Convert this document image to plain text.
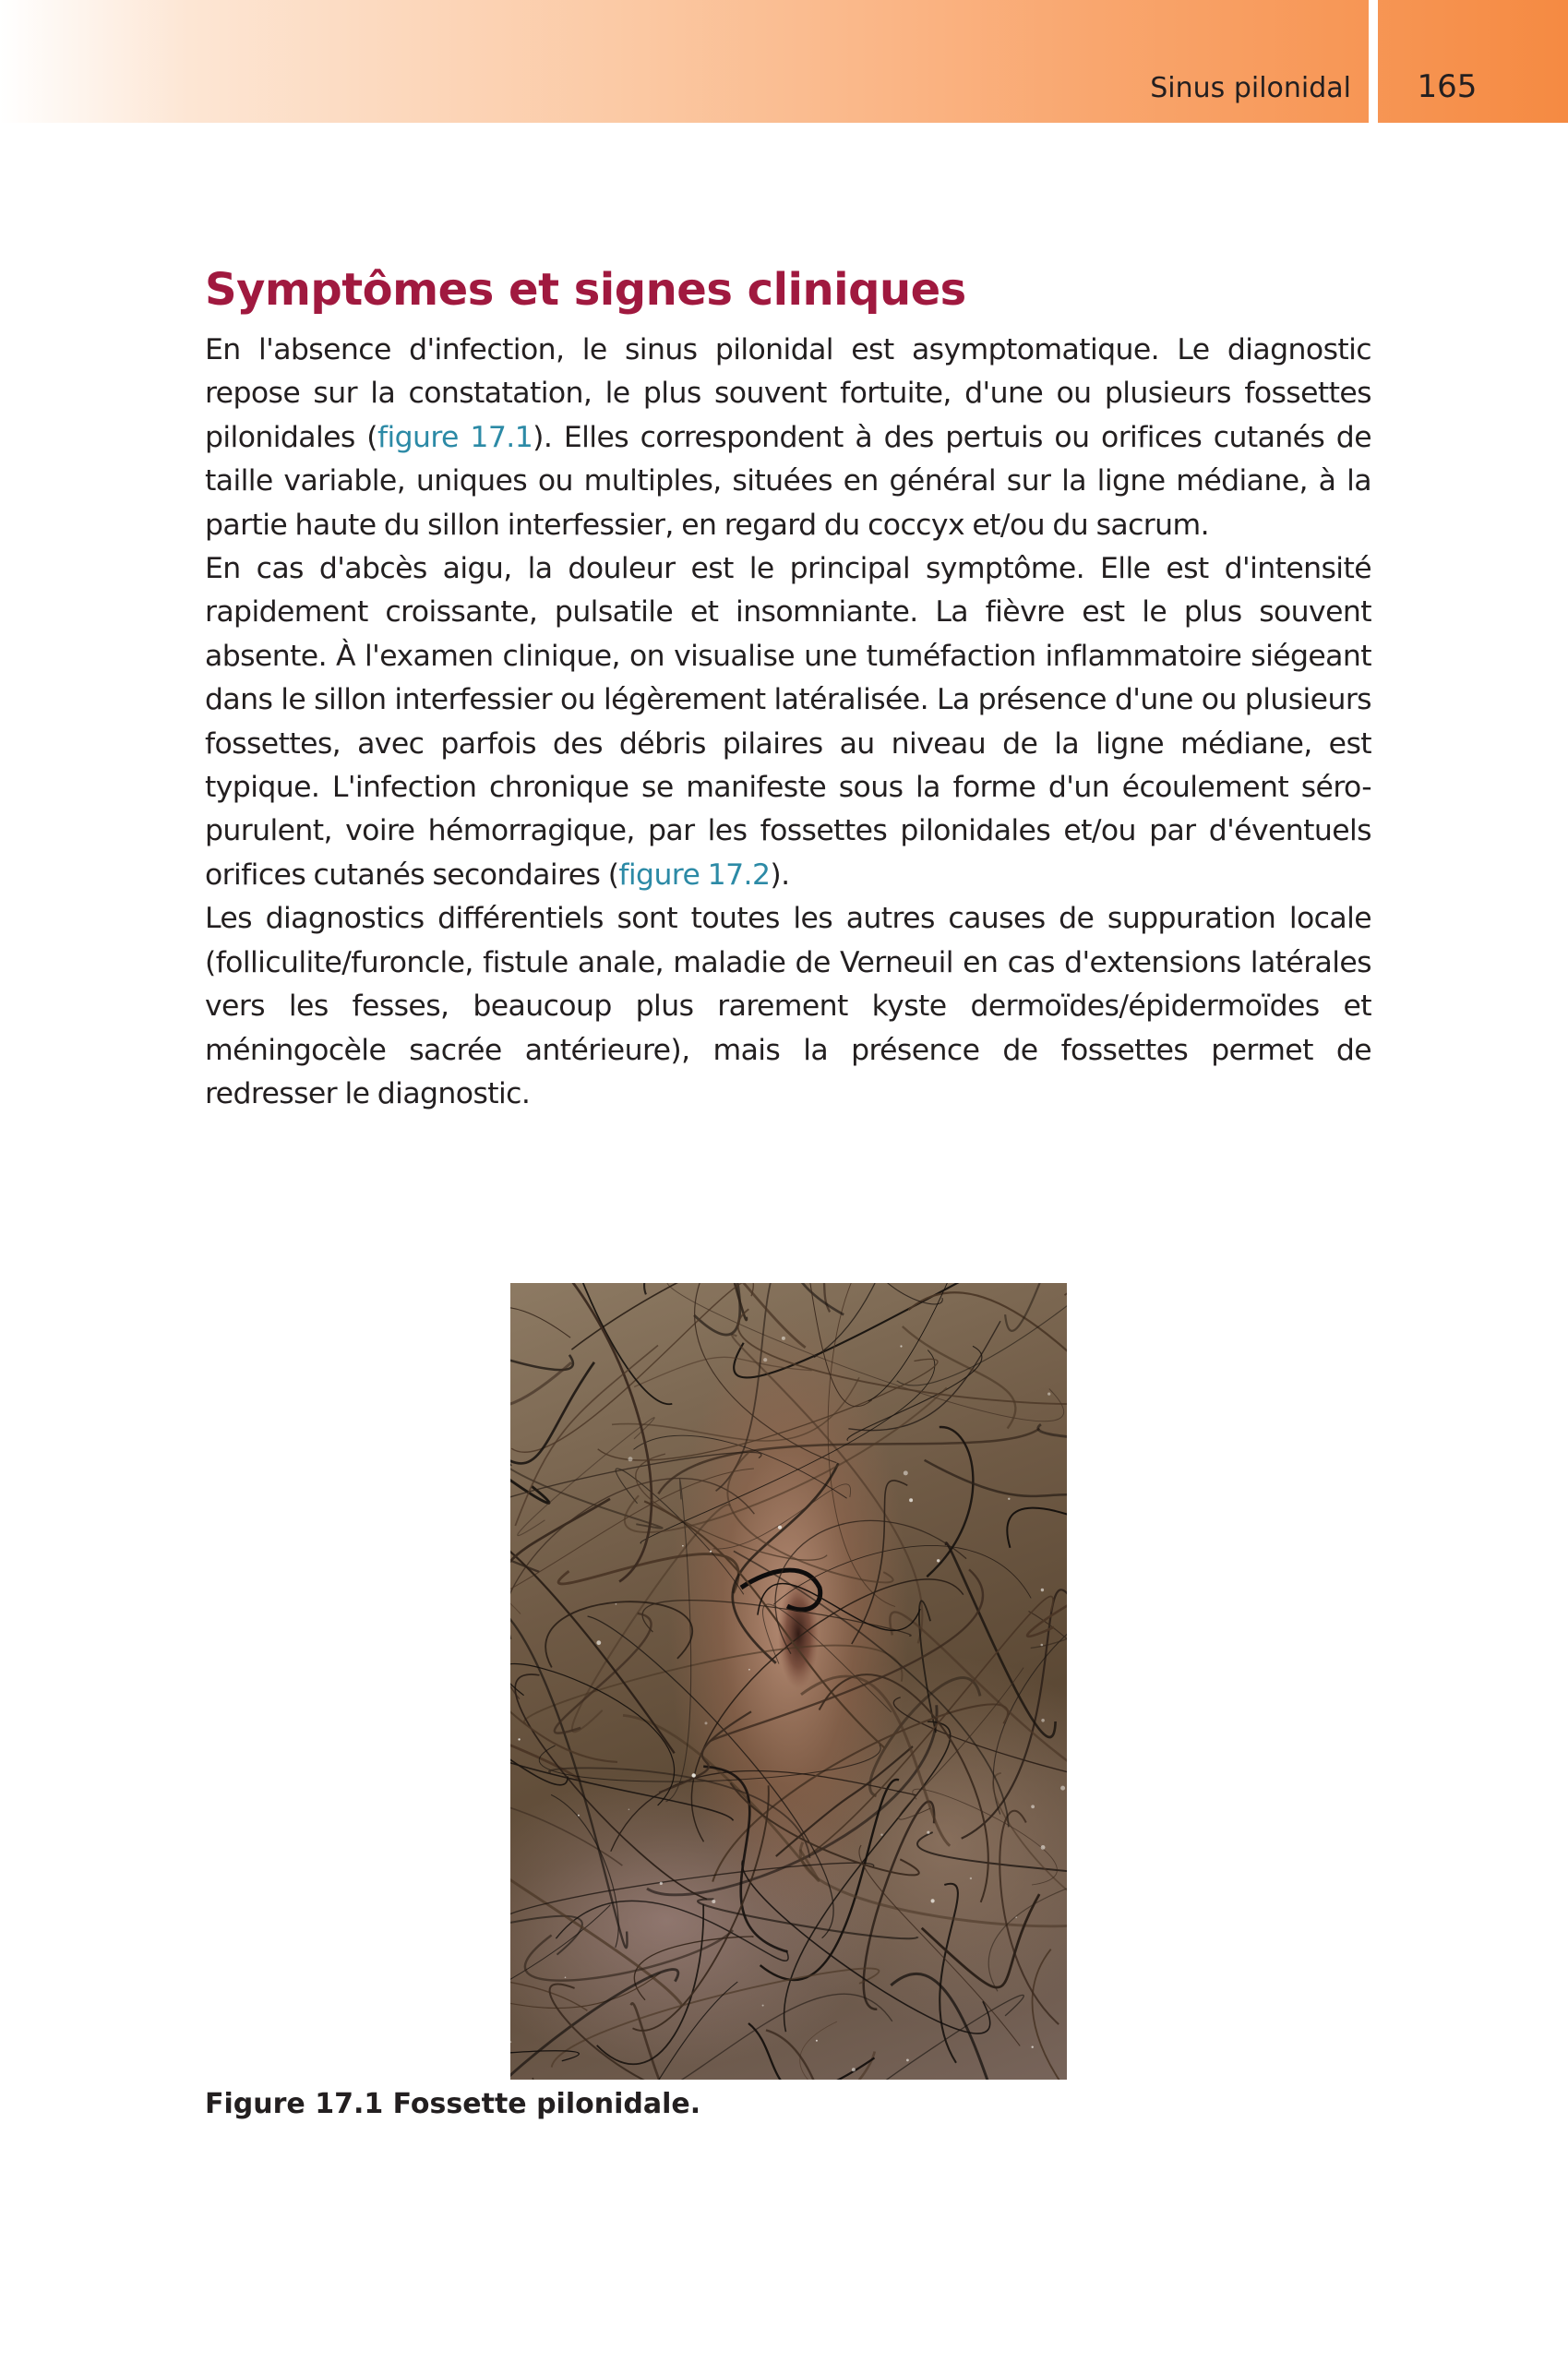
Sinus pilonidal	165
Symptômes et signes cliniques

En l'absence d'infection, le sinus pilonidal est asymptomatique. Le diagnostic repose sur la constatation, le plus souvent fortuite, d'une ou plusieurs fossettes pilonidales (figure 17.1). Elles correspondent à des pertuis ou orifices cutanés de taille variable, uniques ou multiples, situées en général sur la ligne médiane, à la partie haute du sillon interfessier, en regard du coccyx et/ou du sacrum.

En cas d'abcès aigu, la douleur est le principal symptôme. Elle est d'intensité rapidement croissante, pulsatile et insomniante. La fièvre est le plus souvent absente. À l'examen clinique, on visualise une tuméfaction inflammatoire siégeant dans le sillon interfessier ou légèrement latéralisée. La présence d'une ou plusieurs fossettes, avec parfois des débris pilaires au niveau de la ligne médiane, est typique. L'infection chronique se manifeste sous la forme d'un écoulement séro-purulent, voire hémorragique, par les fossettes pilonidales et/ou par d'éventuels orifices cutanés secondaires (figure 17.2).

Les diagnostics différentiels sont toutes les autres causes de suppuration locale (folliculite/furoncle, fistule anale, maladie de Verneuil en cas d'extensions latérales vers les fesses, beaucoup plus rarement kyste dermoïdes/épidermoïdes et méningocèle sacrée antérieure), mais la présence de fossettes permet de redresser le diagnostic.

Figure 17.1 Fossette pilonidale.
